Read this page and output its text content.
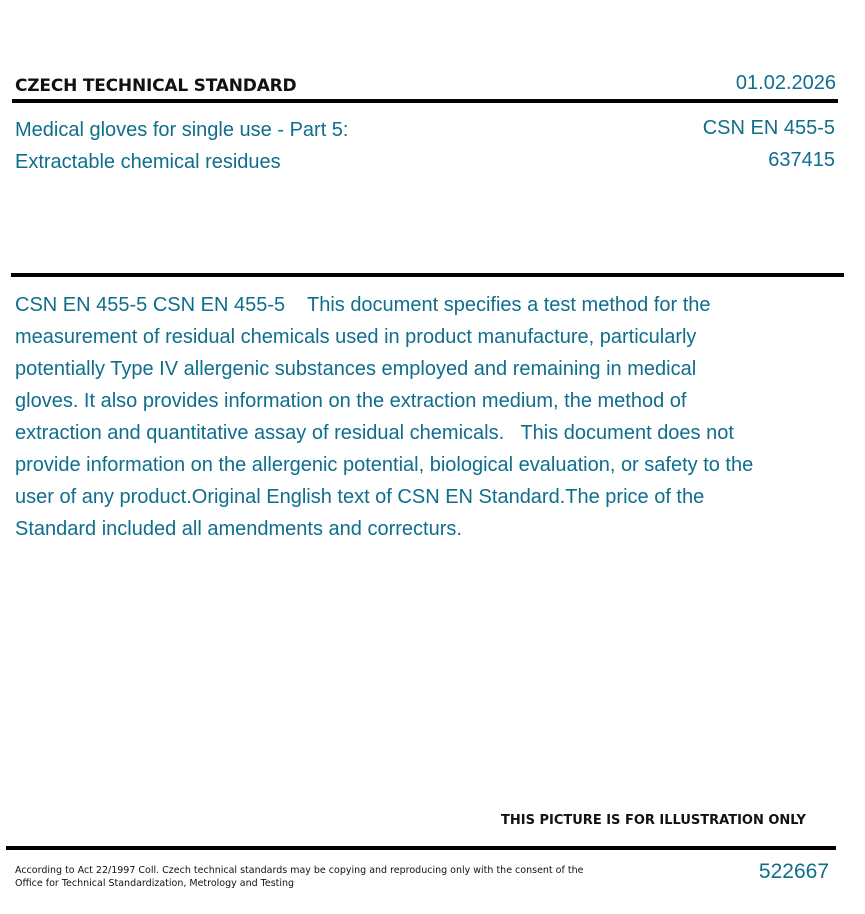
CZECH TECHNICAL STANDARD	01.02.2026
Medical gloves for single use - Part 5: Extractable chemical residues
CSN EN 455-5
637415
CSN EN 455-5 CSN EN 455-5    This document specifies a test method for the measurement of residual chemicals used in product manufacture, particularly potentially Type IV allergenic substances employed and remaining in medical gloves. It also provides information on the extraction medium, the method of extraction and quantitative assay of residual chemicals.   This document does not provide information on the allergenic potential, biological evaluation, or safety to the user of any product.Original English text of CSN EN Standard.The price of the Standard included all amendments and correcturs.
THIS PICTURE IS FOR ILLUSTRATION ONLY
According to Act 22/1997 Coll. Czech technical standards may be copying and reproducing only with the consent of the Office for Technical Standardization, Metrology and Testing
522667
